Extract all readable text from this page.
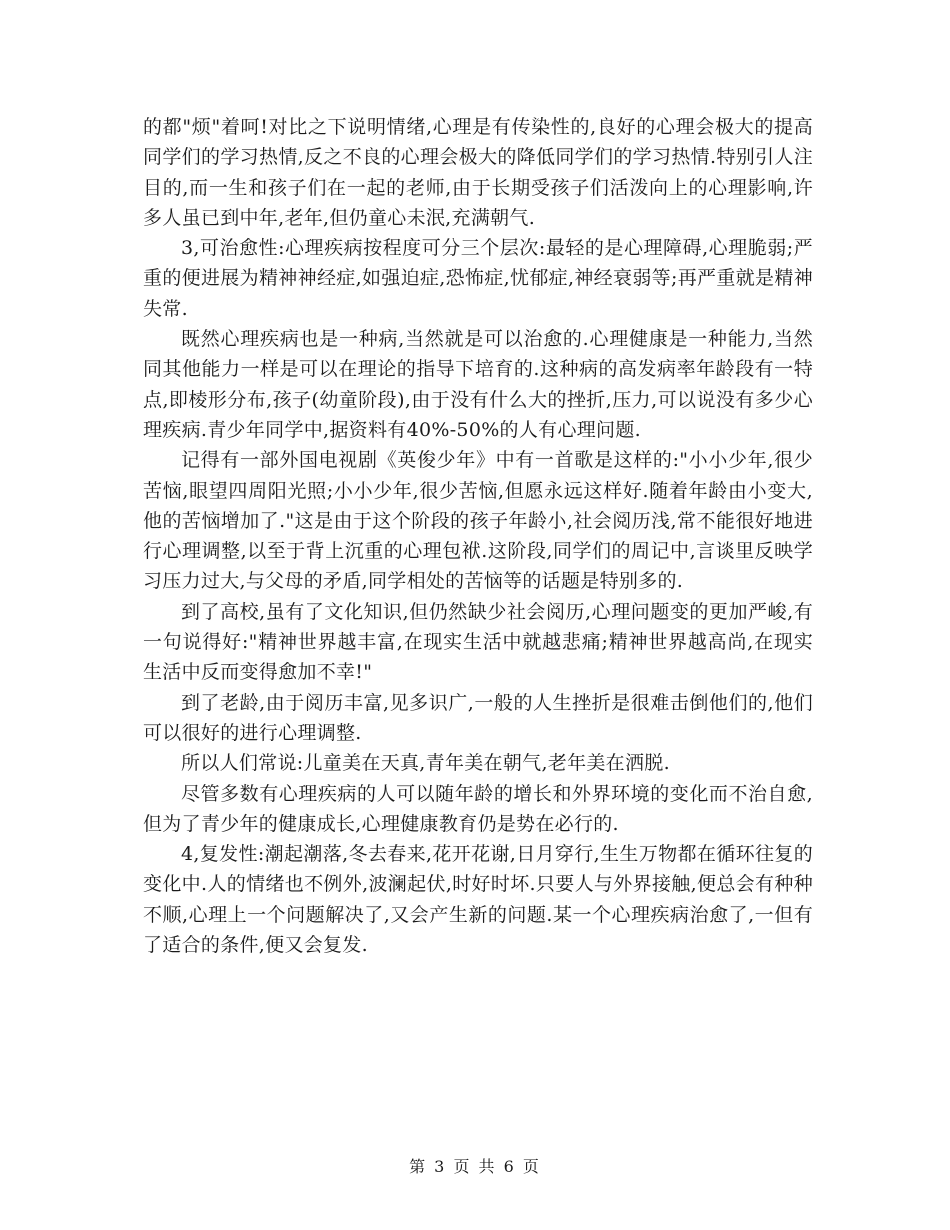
的都"烦"着呵!对比之下说明情绪,心理是有传染性的,良好的心理会极大的提高同学们的学习热情,反之不良的心理会极大的降低同学们的学习热情.特别引人注目的,而一生和孩子们在一起的老师,由于长期受孩子们活泼向上的心理影响,许多人虽已到中年,老年,但仍童心未泯,充满朝气.

3,可治愈性:心理疾病按程度可分三个层次:最轻的是心理障碍,心理脆弱;严重的便进展为精神神经症,如强迫症,恐怖症,忧郁症,神经衰弱等;再严重就是精神失常.

既然心理疾病也是一种病,当然就是可以治愈的.心理健康是一种能力,当然同其他能力一样是可以在理论的指导下培育的.这种病的高发病率年龄段有一特点,即棱形分布,孩子(幼童阶段),由于没有什么大的挫折,压力,可以说没有多少心理疾病.青少年同学中,据资料有40%-50%的人有心理问题.

记得有一部外国电视剧《英俊少年》中有一首歌是这样的:"小小少年,很少苦恼,眼望四周阳光照;小小少年,很少苦恼,但愿永远这样好.随着年龄由小变大,他的苦恼增加了."这是由于这个阶段的孩子年龄小,社会阅历浅,常不能很好地进行心理调整,以至于背上沉重的心理包袱.这阶段,同学们的周记中,言谈里反映学习压力过大,与父母的矛盾,同学相处的苦恼等的话题是特别多的.

到了高校,虽有了文化知识,但仍然缺少社会阅历,心理问题变的更加严峻,有一句说得好:"精神世界越丰富,在现实生活中就越悲痛;精神世界越高尚,在现实生活中反而变得愈加不幸!"

到了老龄,由于阅历丰富,见多识广,一般的人生挫折是很难击倒他们的,他们可以很好的进行心理调整.

所以人们常说:儿童美在天真,青年美在朝气,老年美在洒脱.

尽管多数有心理疾病的人可以随年龄的增长和外界环境的变化而不治自愈,但为了青少年的健康成长,心理健康教育仍是势在必行的.

4,复发性:潮起潮落,冬去春来,花开花谢,日月穿行,生生万物都在循环往复的变化中.人的情绪也不例外,波澜起伏,时好时坏.只要人与外界接触,便总会有种种不顺,心理上一个问题解决了,又会产生新的问题.某一个心理疾病治愈了,一但有了适合的条件,便又会复发.

第 3 页 共 6 页
